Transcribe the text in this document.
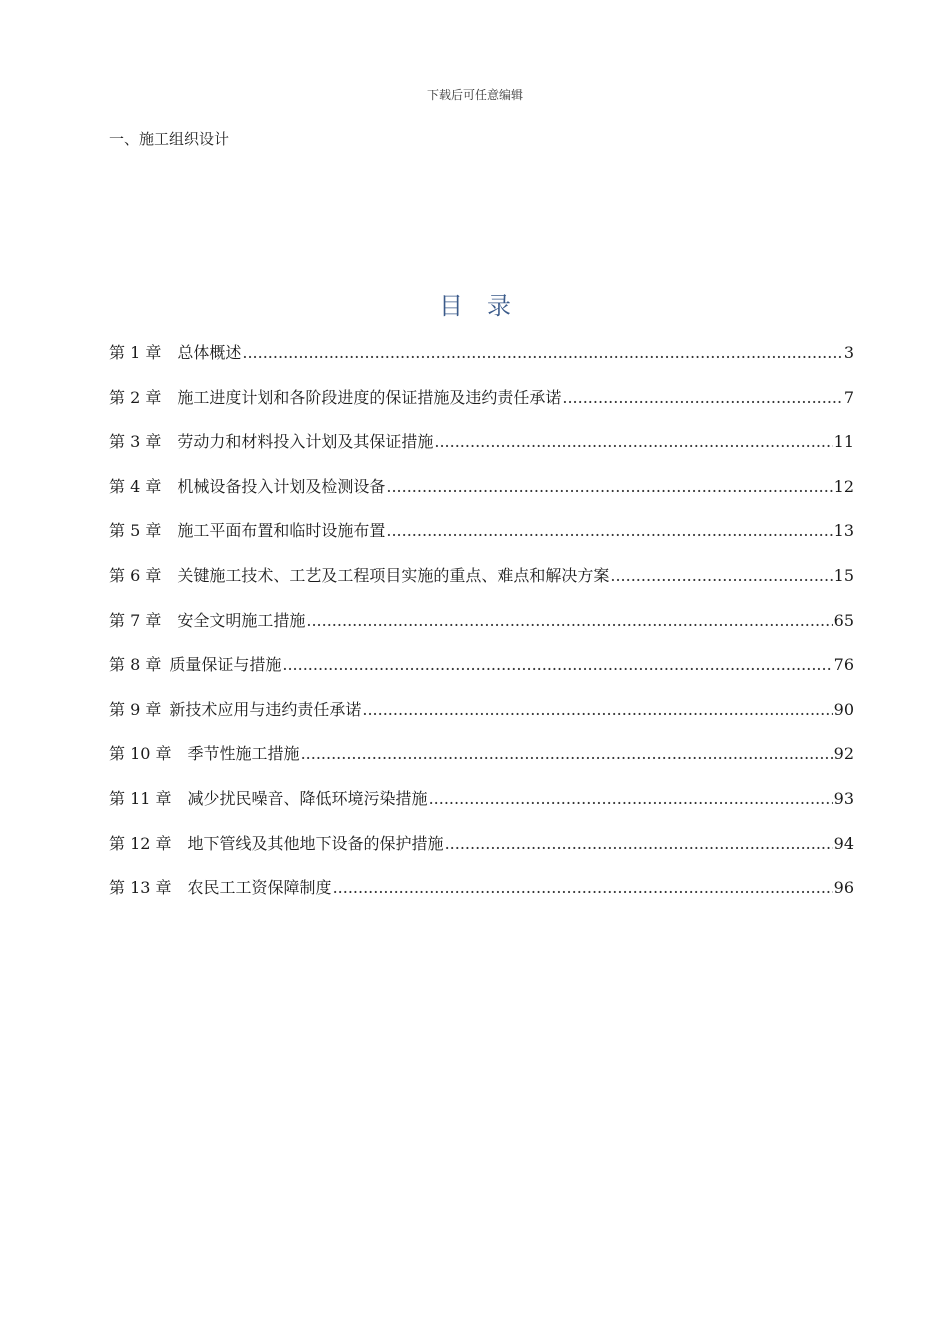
下载后可任意编辑
一、施工组织设计
目录
第 1 章 总体概述 .....	3
第 2 章 施工进度计划和各阶段进度的保证措施及违约责任承诺 .....	7
第 3 章 劳动力和材料投入计划及其保证措施 .....	11
第 4 章 机械设备投入计划及检测设备 .....	12
第 5 章 施工平面布置和临时设施布置 .....	13
第 6 章 关键施工技术、工艺及工程项目实施的重点、难点和解决方案 .....	15
第 7 章 安全文明施工措施 .....	65
第 8 章 质量保证与措施 .....	76
第 9 章 新技术应用与违约责任承诺 .....	90
第 10 章 季节性施工措施 .....	92
第 11 章 减少扰民噪音、降低环境污染措施 .....	93
第 12 章 地下管线及其他地下设备的保护措施 .....	94
第 13 章 农民工工资保障制度 .....	96
